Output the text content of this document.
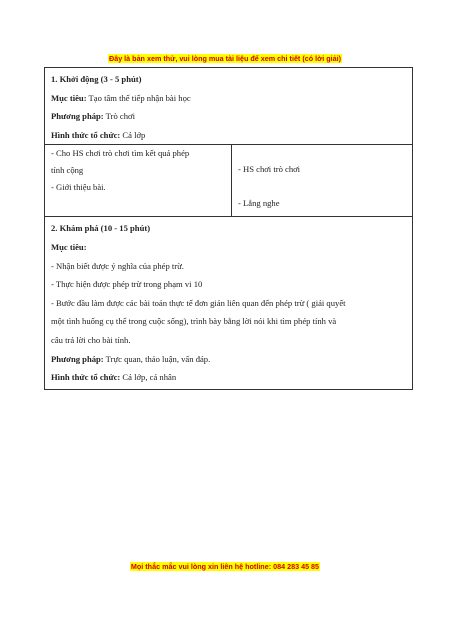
Đây là bản xem thử, vui lòng mua tài liệu để xem chi tiết (có lời giải)
1. Khởi động (3 - 5 phút)
Mục tiêu: Tạo tâm thế tiếp nhận bài học
Phương pháp: Trò chơi
Hình thức tổ chức: Cả lớp
- Cho HS chơi trò chơi tìm kết quả phép
tính cộng
- Giới thiệu bài.
- HS chơi trò chơi
- Lắng nghe
2. Khám phá (10 - 15 phút)
Mục tiêu:
- Nhận biết được ý nghĩa của phép trừ.
- Thực hiện được phép trừ trong phạm vi 10
- Bước đầu làm được các bài toán thực tế đơn giản liên quan đến phép trừ ( giải quyết
một tình huống cụ thể trong cuộc sống), trình bày bằng lời nói khi tìm phép tính và
câu trả lời cho bài tính.
Phương pháp: Trực quan, thảo luận, vấn đáp.
Hình thức tổ chức: Cả lớp, cá nhân
Mọi thắc mắc vui lòng xin liên hệ hotline: 084 283 45 85
